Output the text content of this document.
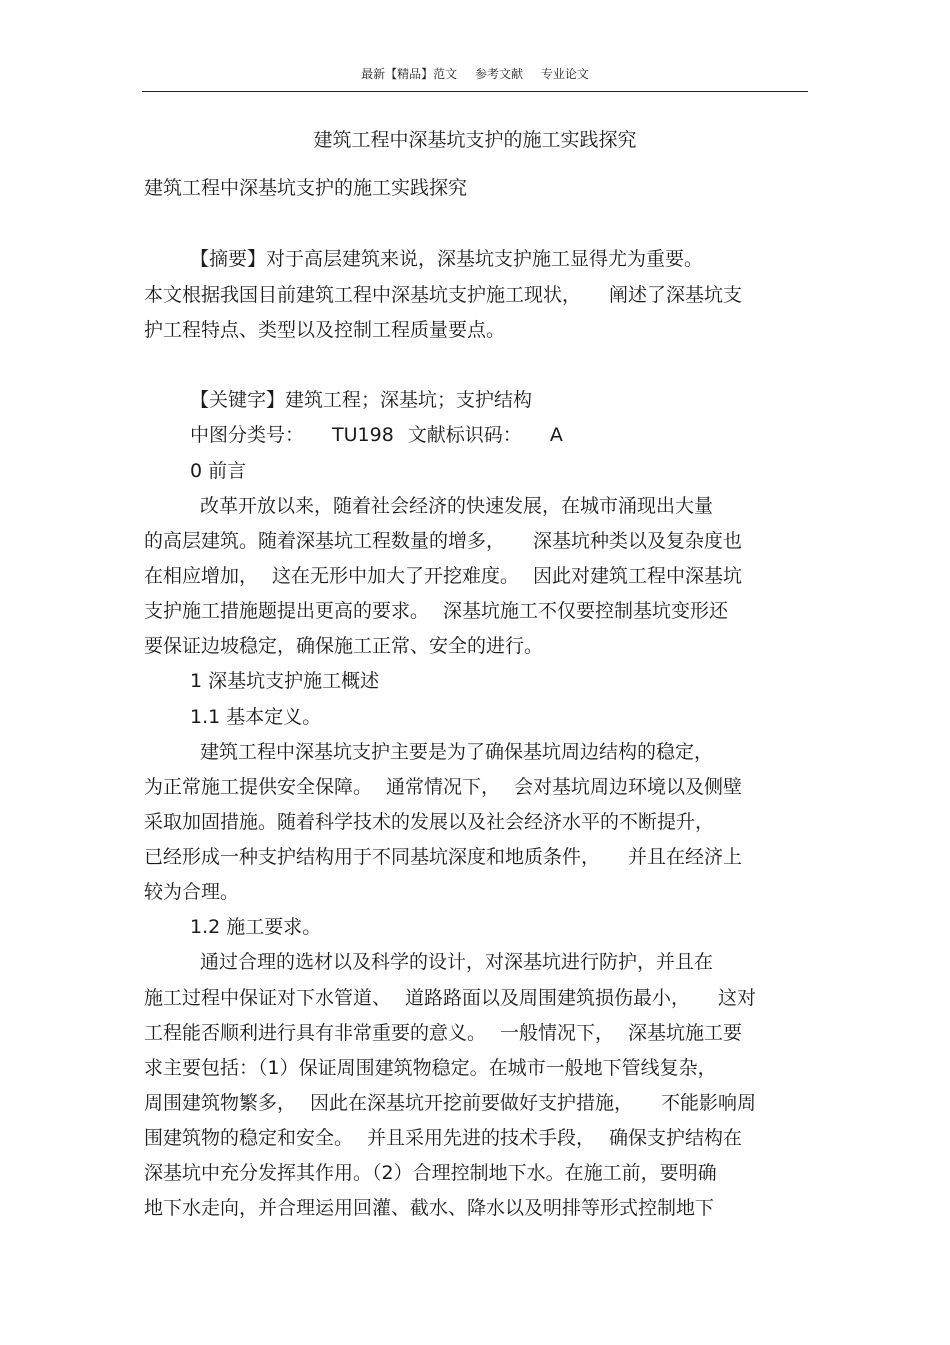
最新【精品】范文 参考文献 专业论文
建筑工程中深基坑支护的施工实践探究
建筑工程中深基坑支护的施工实践探究
【摘要】对于高层建筑来说，深基坑支护施工显得尤为重要。
本文根据我国目前建筑工程中深基坑支护施工现状， 阐述了深基坑支
护工程特点、类型以及控制工程质量要点。
【关键字】建筑工程；深基坑；支护结构
中图分类号： TU198 文献标识码： A
0 前言
改革开放以来，随着社会经济的快速发展，在城市涌现出大量
的高层建筑。随着深基坑工程数量的增多， 深基坑种类以及复杂度也
在相应增加， 这在无形中加大了开挖难度。 因此对建筑工程中深基坑
支护施工措施题提出更高的要求。 深基坑施工不仅要控制基坑变形还
要保证边坡稳定，确保施工正常、安全的进行。
1 深基坑支护施工概述
1.1 基本定义。
建筑工程中深基坑支护主要是为了确保基坑周边结构的稳定，
为正常施工提供安全保障。 通常情况下， 会对基坑周边环境以及侧壁
采取加固措施。随着科学技术的发展以及社会经济水平的不断提升，
已经形成一种支护结构用于不同基坑深度和地质条件， 并且在经济上
较为合理。
1.2 施工要求。
通过合理的选材以及科学的设计，对深基坑进行防护，并且在
施工过程中保证对下水管道、 道路路面以及周围建筑损伤最小， 这对
工程能否顺利进行具有非常重要的意义。 一般情况下， 深基坑施工要
求主要包括：（1）保证周围建筑物稳定。在城市一般地下管线复杂，
周围建筑物繁多， 因此在深基坑开挖前要做好支护措施， 不能影响周
围建筑物的稳定和安全。 并且采用先进的技术手段， 确保支护结构在
深基坑中充分发挥其作用。（2）合理控制地下水。在施工前，要明确
地下水走向，并合理运用回灌、截水、降水以及明排等形式控制地下
